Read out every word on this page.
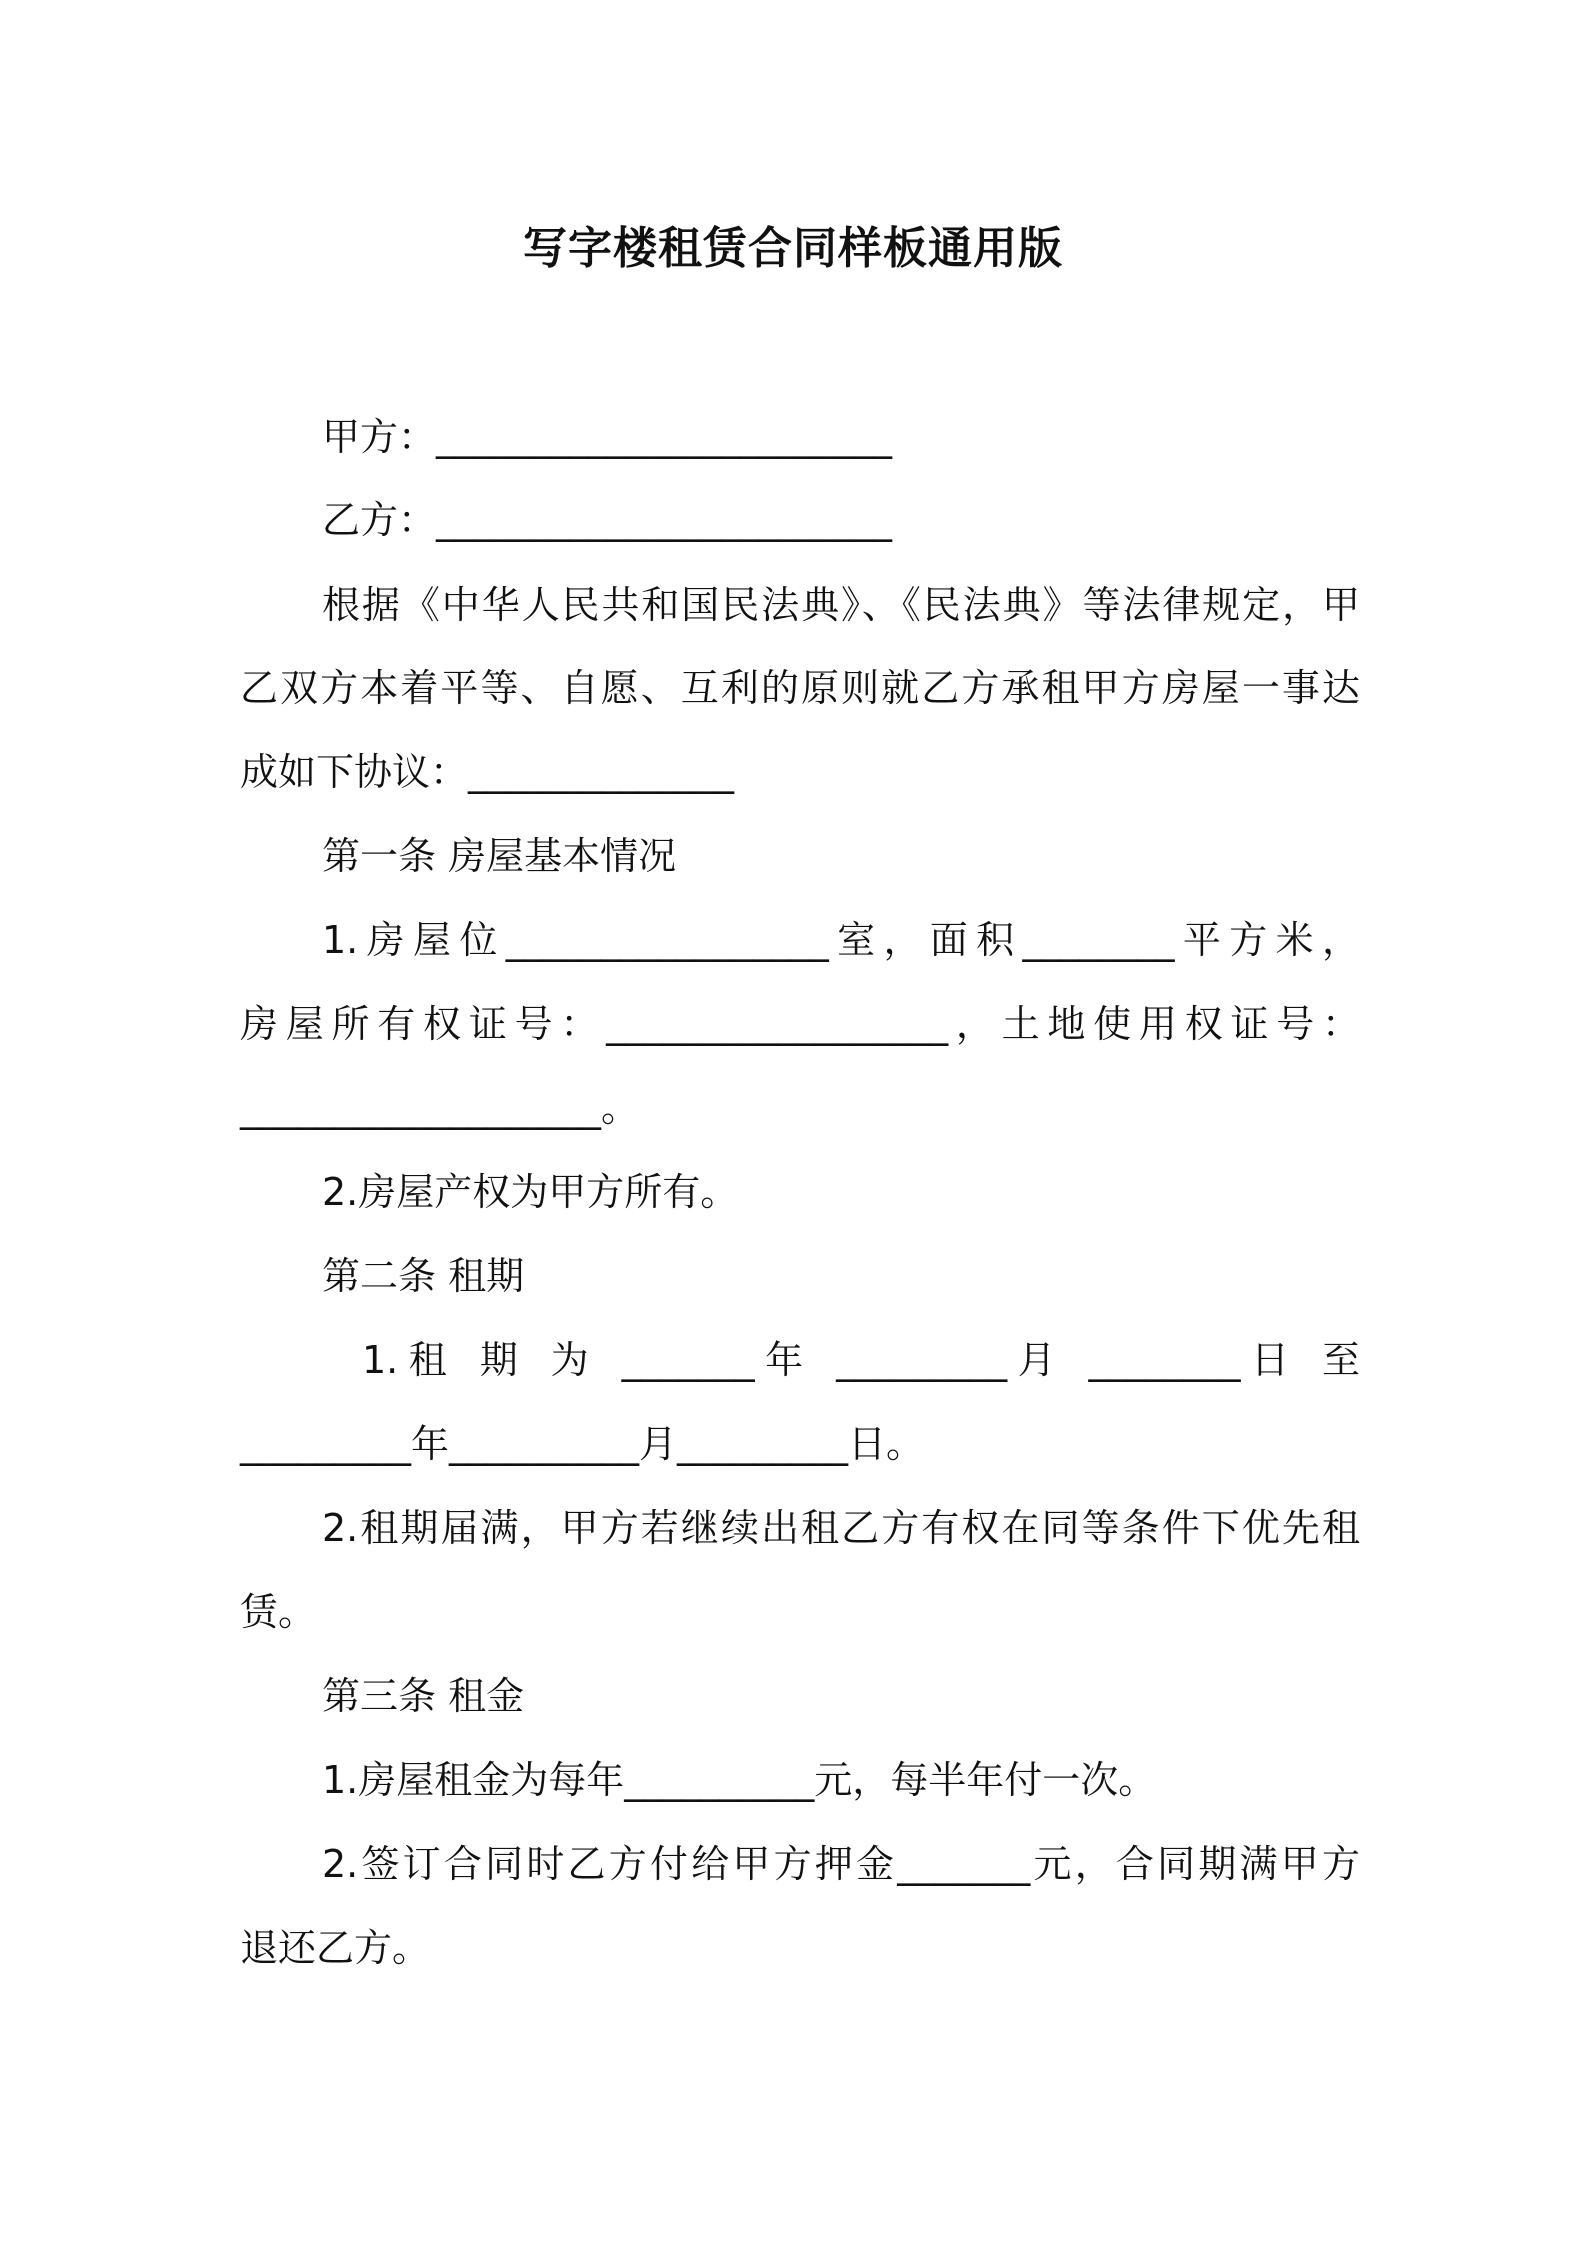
写字楼租赁合同样板通用版
甲方：________________________
乙方：________________________
根据《中华人民共和国民法典》、《民法典》等法律规定，甲
乙双方本着平等、自愿、互利的原则就乙方承租甲方房屋一事达
成如下协议：______________
第一条 房屋基本情况
1.房屋位_________________室，面积________平方米，
房屋所有权证号：__________________，土地使用权证号：
___________________。
2.房屋产权为甲方所有。
第二条 租期
1.租 期 为 _______年 _________月 ________日 至
_________年__________月_________日。
2.租期届满，甲方若继续出租乙方有权在同等条件下优先租
赁。
第三条 租金
1.房屋租金为每年__________元，每半年付一次。
2.签订合同时乙方付给甲方押金_______元，合同期满甲方
退还乙方。
